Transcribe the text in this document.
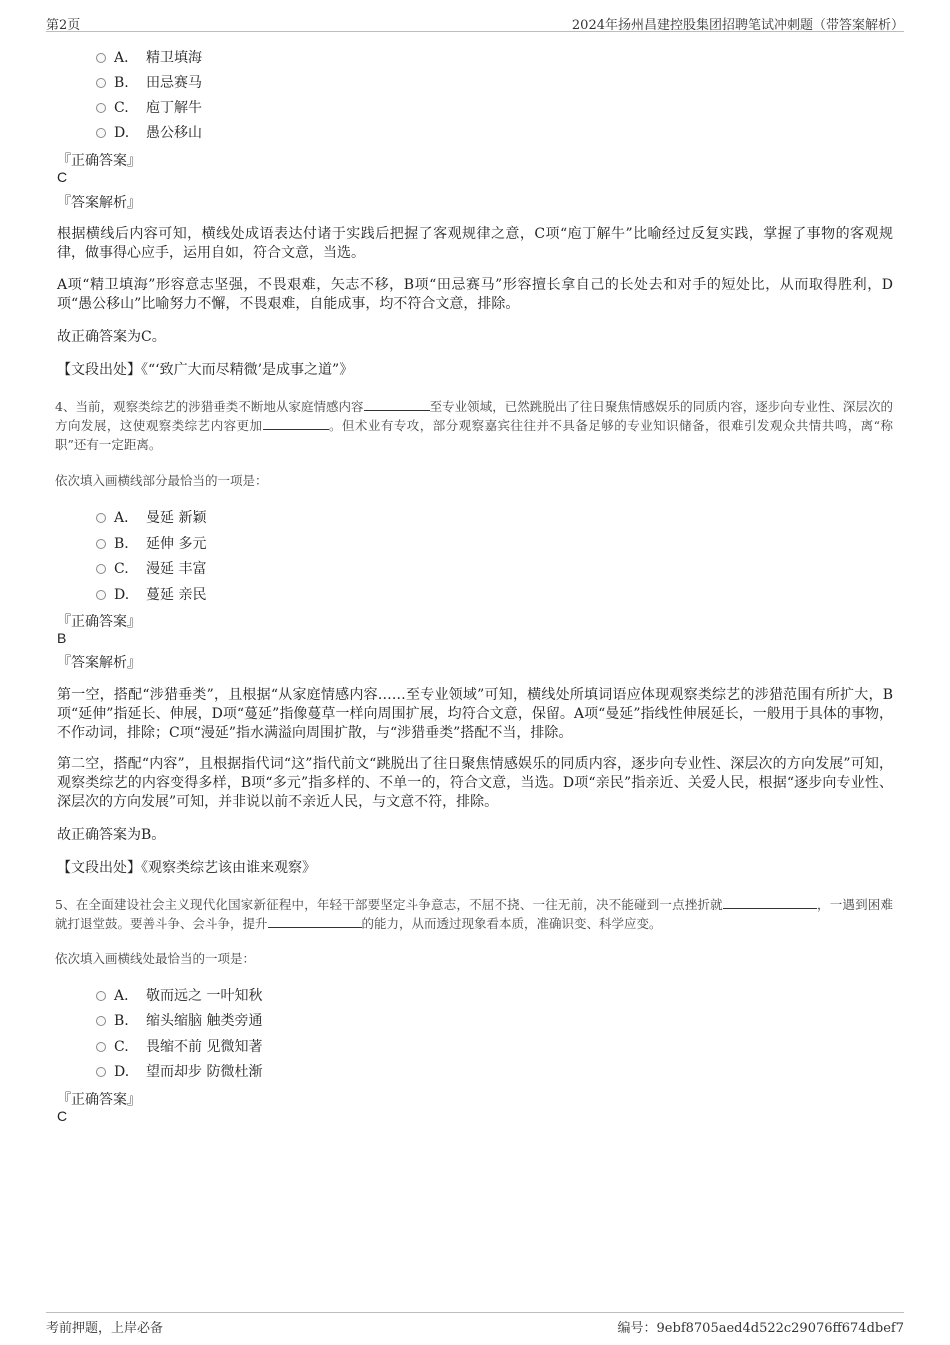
第2页	2024年扬州昌建控股集团招聘笔试冲刺题（带答案解析）
A． 精卫填海
B. 田忌赛马
C. 庖丁解牛
D. 愚公移山
『正确答案』
C
『答案解析』
根据横线后内容可知，横线处成语表达付诸于实践后把握了客观规律之意，C项“庖丁解牛”比喻经过反复实践，掌握了事物的客观规律，做事得心应手，运用自如，符合文意，当选。
A项“精卫填海”形容意志坚强，不畏艰难，矢志不移，B项“田忌赛马”形容擅长拿自己的长处去和对手的短处比，从而取得胜利，D项“愚公移山”比喻努力不懈，不畏艰难，自能成事，均不符合文意，排除。
故正确答案为C。
【文段出处】《“‘致广大而尽精微’是成事之道”》
4、当前，观察类综艺的涉猎垂类不断地从家庭情感内容	至专业领域，已然跳脱出了往日聚焦情感娱乐的同质内容，逐步向专业性、深层次的方向发展，这使观察类综艺内容更加	。但术业有专攻，部分观察嘉宾往往并不具备足够的专业知识储备，很难引发观众共情共鸣，离“称职”还有一定距离。
依次填入画横线部分最恰当的一项是：
A． 曼延 新颖
B. 延伸 多元
C. 漫延 丰富
D. 蔓延 亲民
『正确答案』
B
『答案解析』
第一空，搭配“涉猎垂类”，且根据“从家庭情感内容……至专业领域”可知，横线处所填词语应体现观察类综艺的涉猎范围有所扩大，B项“延伸”指延长、伸展，D项“蔓延”指像蔓草一样向周围扩展，均符合文意，保留。A项“曼延”指线性伸展延长，一般用于具体的事物，不作动词，排除；C项“漫延”指水满溢向周围扩散，与“涉猎垂类”搭配不当，排除。
第二空，搭配“内容”，且根据指代词“这”指代前文“跳脱出了往日聚焦情感娱乐的同质内容，逐步向专业性、深层次的方向发展”可知，观察类综艺的内容变得多样，B项“多元”指多样的、不单一的，符合文意，当选。D项“亲民”指亲近、关爱人民，根据“逐步向专业性、深层次的方向发展”可知，并非说以前不亲近人民，与文意不符，排除。
故正确答案为B。
【文段出处】《观察类综艺该由谁来观察》
5、在全面建设社会主义现代化国家新征程中，年轻干部要坚定斗争意志，不屈不挠、一往无前，决不能碰到一点挫折就	，一遇到困难就打退堂鼓。要善斗争、会斗争，提升	的能力，从而透过现象看本质，准确识变、科学应变。
依次填入画横线处最恰当的一项是：
A． 敬而远之 一叶知秋
B. 缩头缩脑 触类旁通
C. 畏缩不前 见微知著
D. 望而却步 防微杜渐
『正确答案』
C
考前押题，上岸必备	编号：9ebf8705aed4d522c29076ff674dbef7
